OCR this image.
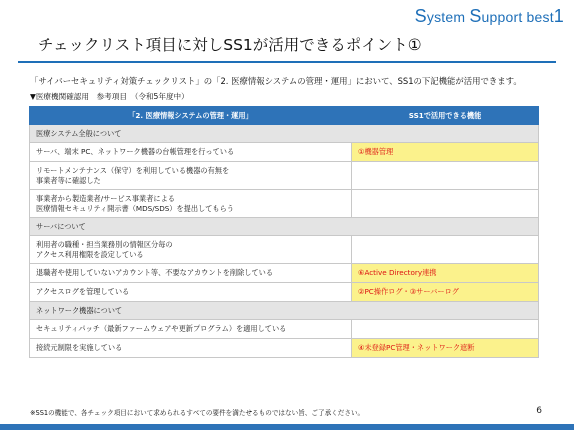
System Support best1
チェックリスト項目に対しSS1が活用できるポイント①
「サイバーセキュリティ対策チェックリスト」の「2. 医療情報システムの管理・運用」において、SS1の下記機能が活用できます。
▼医療機関確認用　参考項目　（令和5年度中）
「2. 医療情報システムの管理・運用」	SS1で活用できる機能
医療システム全般について	
サーバ、端末 PC、ネットワーク機器の台帳管理を行っている	①機器管理
リモートメンテナンス（保守）を利用している機器の有無を
事業者等に確認した	
事業者から製造業者/サービス事業者による
医療情報セキュリティ開示書（MDS/SDS）を提出してもらう	
サーバについて	
利用者の職種・担当業務別の情報区分毎の
アクセス利用権限を設定している	
退職者や使用していないアカウント等、不要なアカウントを削除している	⑥Active Directory連携
アクセスログを管理している	②PC操作ログ・③サーバーログ
ネットワーク機器について	
セキュリティパッチ（最新ファームウェアや更新プログラム）を適用している	
接続元制限を実施している	④未登録PC管理・ネットワーク遮断
※SS1の機能で、各チェック項目において求められるすべての要件を満たせるものではない旨、ご了承ください。	6
